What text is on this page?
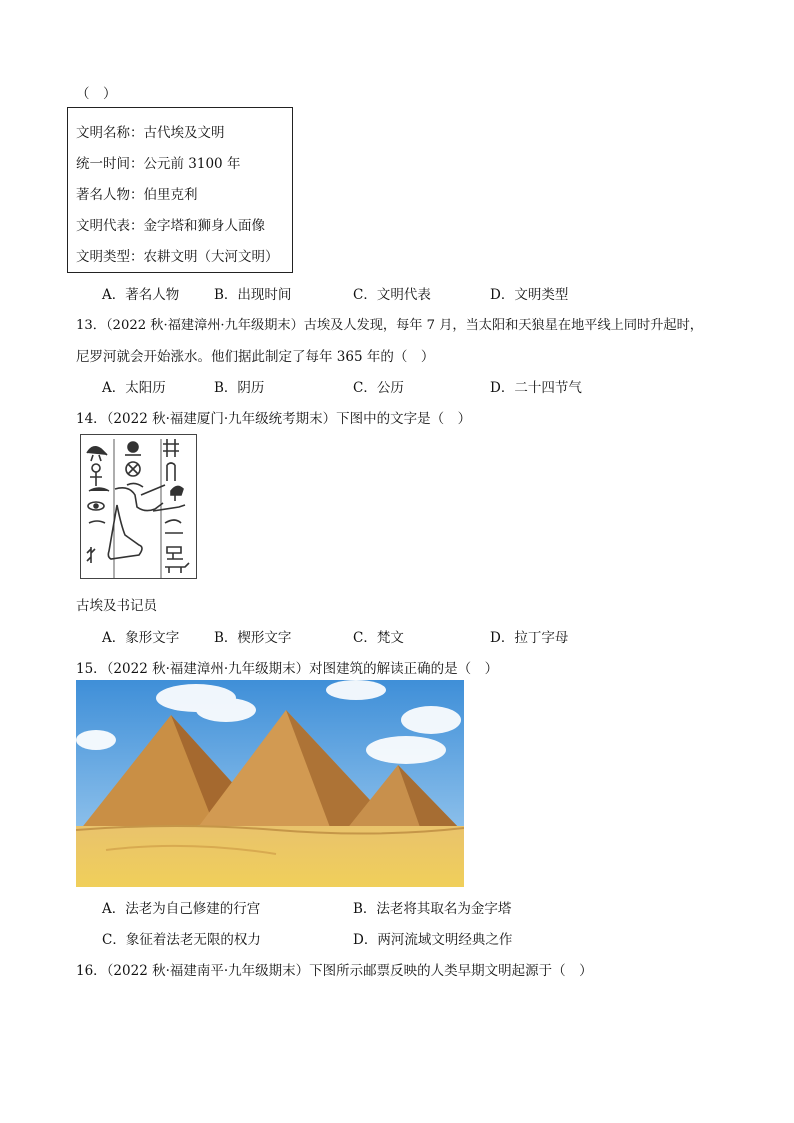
（　）
文明名称：古代埃及文明
统一时间：公元前 3100 年
著名人物：伯里克利
文明代表：金字塔和狮身人面像
文明类型：农耕文明（大河文明）
A．著名人物	B．出现时间	C．文明代表	D．文明类型
13．（2022 秋·福建漳州·九年级期末）古埃及人发现，每年 7 月，当太阳和天狼星在地平线上同时升起时，
尼罗河就会开始涨水。他们据此制定了每年 365 年的（　）
A．太阳历	B．阴历	C．公历	D．二十四节气
14．（2022 秋·福建厦门·九年级统考期末）下图中的文字是（　）
古埃及书记员
A．象形文字	B．楔形文字	C．梵文	D．拉丁字母
15．（2022 秋·福建漳州·九年级期末）对图建筑的解读正确的是（　）
A．法老为自己修建的行宫	B．法老将其取名为金字塔
C．象征着法老无限的权力	D．两河流域文明经典之作
16．（2022 秋·福建南平·九年级期末）下图所示邮票反映的人类早期文明起源于（　）
